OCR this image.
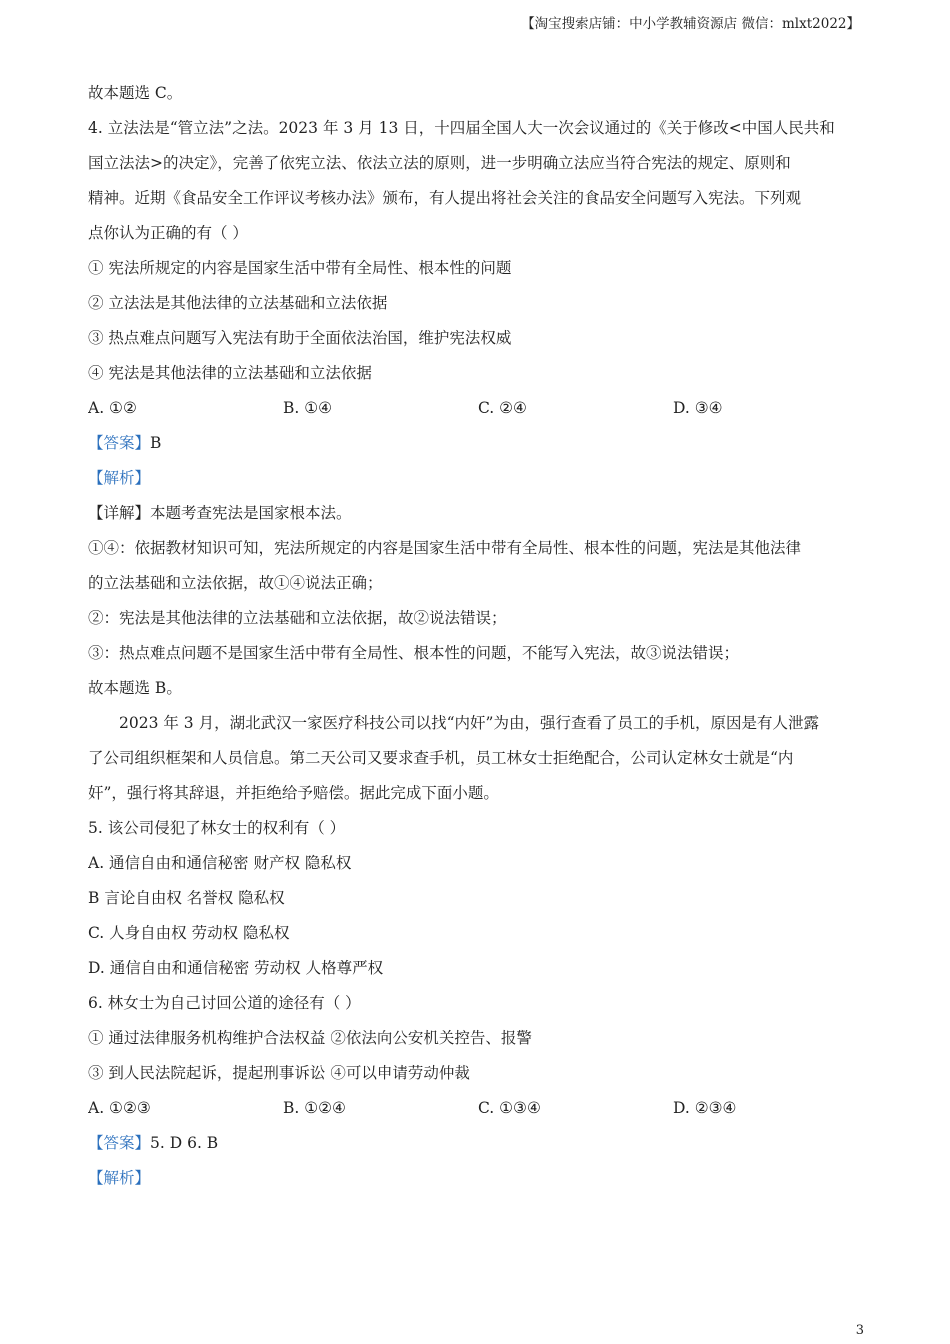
【淘宝搜索店铺：中小学教辅资源店 微信：mlxt2022】
故本题选 C。
4. 立法法是“管立法”之法。2023 年 3 月 13 日，十四届全国人大一次会议通过的《关于修改<中国人民共和
国立法法>的决定》，完善了依宪立法、依法立法的原则，进一步明确立法应当符合宪法的规定、原则和
精神。近期《食品安全工作评议考核办法》颁布，有人提出将社会关注的食品安全问题写入宪法。下列观
点你认为正确的有（ ）
① 宪法所规定的内容是国家生活中带有全局性、根本性的问题
② 立法法是其他法律的立法基础和立法依据
③ 热点难点问题写入宪法有助于全面依法治国，维护宪法权威
④ 宪法是其他法律的立法基础和立法依据
A. ①②	B. ①④	C. ②④	D. ③④
【答案】B
【解析】
【详解】本题考查宪法是国家根本法。
①④：依据教材知识可知，宪法所规定的内容是国家生活中带有全局性、根本性的问题，宪法是其他法律
的立法基础和立法依据，故①④说法正确；
②：宪法是其他法律的立法基础和立法依据，故②说法错误；
③：热点难点问题不是国家生活中带有全局性、根本性的问题，不能写入宪法，故③说法错误；
故本题选 B。
2023 年 3 月，湖北武汉一家医疗科技公司以找“内奸”为由，强行查看了员工的手机，原因是有人泄露
了公司组织框架和人员信息。第二天公司又要求查手机，员工林女士拒绝配合，公司认定林女士就是“内
奸”，强行将其辞退，并拒绝给予赔偿。据此完成下面小题。
5. 该公司侵犯了林女士的权利有（ ）
A. 通信自由和通信秘密 财产权 隐私权
B 言论自由权 名誉权 隐私权
C. 人身自由权 劳动权 隐私权
D. 通信自由和通信秘密 劳动权 人格尊严权
6. 林女士为自己讨回公道的途径有（ ）
① 通过法律服务机构维护合法权益 ②依法向公安机关控告、报警
③ 到人民法院起诉，提起刑事诉讼 ④可以申请劳动仲裁
A. ①②③	B. ①②④	C. ①③④	D. ②③④
【答案】5. D 6. B
【解析】
3
